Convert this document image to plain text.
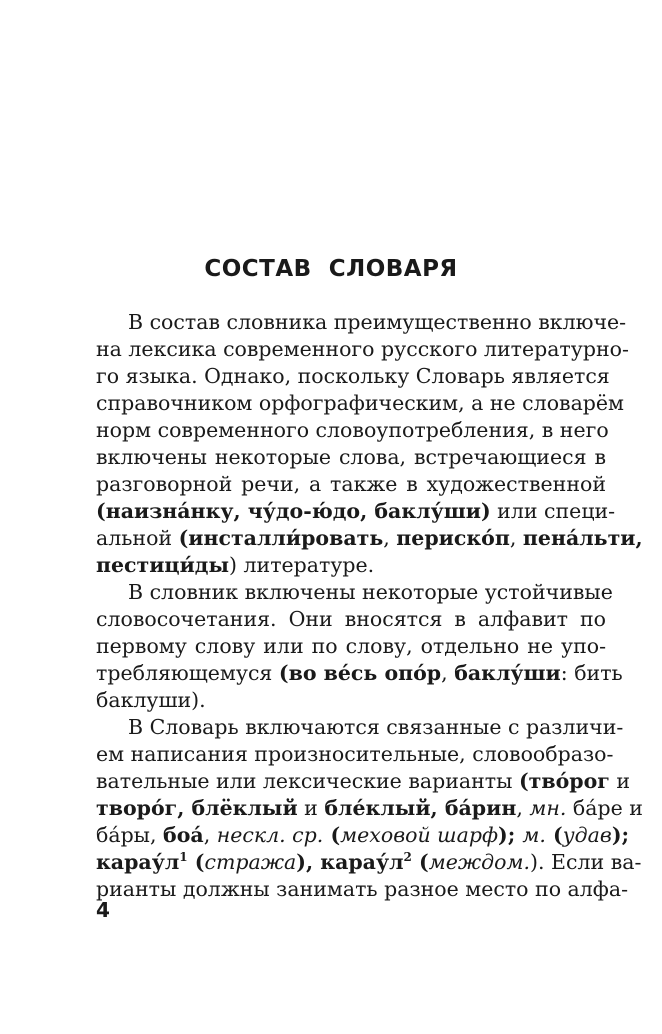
СОСТАВ  СЛОВАРЯ
В состав словника преимущественно включе-
на лексика современного русского литературно-
го языка. Однако, поскольку Словарь является
справочником орфографическим, а не словарём
норм современного словоупотребления, в него
включены некоторые слова, встречающиеся в
разговорной речи, а также в художественной
(наизна́нку, чу́до-ю́до, баклу́ши) или специ-
альной (инсталли́ровать, периско́п, пена́льти,
пестици́ды) литературе.
В словник включены некоторые устойчивые
словосочетания. Они вносятся в алфавит по
первому слову или по слову, отдельно не упо-
требляющемуся (во ве́сь опо́р, баклу́ши: бить
баклуши).
В Словарь включаются связанные с различи-
ем написания произносительные, словообразо-
вательные или лексические варианты (тво́рог и
творо́г, блёклый и бле́клый, ба́рин, мн. ба́ре и
ба́ры, боа́, нескл. ср. (меховой шарф); м. (удав);
$карау́л^1$ (стража), $карау́л^2$ (междом.). Если ва-
рианты должны занимать разное место по алфа-
4
